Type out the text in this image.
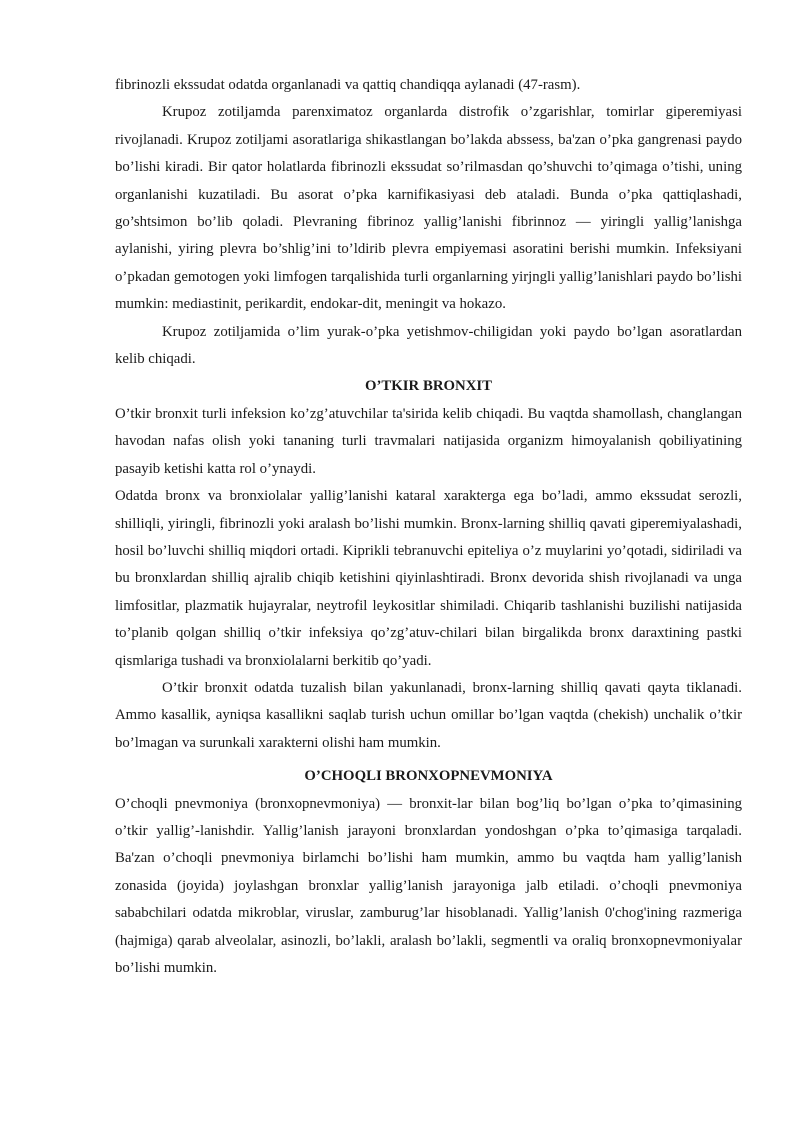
fibrinozli ekssudat odatda organlanadi va qattiq chandiqqa aylanadi (47-rasm).

Krupoz zotiljamda parenximatoz organlarda distrofik o’zgarishlar, tomirlar giperemiyasi rivojlanadi. Krupoz zotiljami asoratlariga shikastlangan bo’lakda abssess, ba'zan o’pka gangrenasi paydo bo’lishi kiradi. Bir qator holatlarda fibrinozli ekssudat so’rilmasdan qo’shuvchi to’qimaga o’tishi, uning organlanishi kuzatiladi. Bu asorat o’pka karnifikasiyasi deb ataladi. Bunda o’pka qattiqlashadi, go’shtsimon bo’lib qoladi. Plevraning fibrinoz yallig’lanishi fibrinnoz — yiringli yallig’lanishga aylanishi, yiring plevra bo’shlig’ini to’ldirib plevra empiyemasi asoratini berishi mumkin. Infeksiyani o’pkadan gemotogen yoki limfogen tarqalishida turli organlarning yirjngli yallig’lanishlari paydo bo’lishi mumkin: mediastinit, perikardit, endokar-dit, meningit va hokazo.

Krupoz zotiljamida o’lim yurak-o’pka yetishmov-chiligidan yoki paydo bo’lgan asoratlardan kelib chiqadi.

O’TKIR BRONXIT

O’tkir bronxit turli infeksion ko’zg’atuvchilar ta'sirida kelib chiqadi. Bu vaqtda shamollash, changlangan havodan nafas olish yoki tananing turli travmalari natijasida organizm himoyalanish qobiliyatining pasayib ketishi katta rol o’ynaydi.

Odatda bronx va bronxiolalar yallig’lanishi kataral xarakterga ega bo’ladi, ammo ekssudat serozli, shilliqli, yiringli, fibrinozli yoki aralash bo’lishi mumkin. Bronx-larning shilliq qavati giperemiyalashadi, hosil bo’luvchi shilliq miqdori ortadi. Kiprikli tebranuvchi epiteliya o’z muylarini yo’qotadi, sidiriladi va bu bronxlardan shilliq ajralib chiqib ketishini qiyinlashtiradi. Bronx devorida shish rivojlanadi va unga limfositlar, plazmatik hujayralar, neytrofil leykositlar shimiladi. Chiqarib tashlanishi buzilishi natijasida to’planib qolgan shilliq o’tkir infeksiya qo’zg’atuv-chilari bilan birgalikda bronx daraxtining pastki qismlariga tushadi va bronxiolalarni berkitib qo’yadi.

O’tkir bronxit odatda tuzalish bilan yakunlanadi, bronx-larning shilliq qavati qayta tiklanadi. Ammo kasallik, ayniqsa kasallikni saqlab turish uchun omillar bo’lgan vaqtda (chekish) unchalik o’tkir bo’lmagan va surunkali xarakterni olishi ham mumkin.

O’CHOQLI BRONXOPNEVMONIYA

O’choqli pnevmoniya (bronxopnevmoniya) — bronxit-lar bilan bog’liq bo’lgan o’pka to’qimasining o’tkir yallig’-lanishdir. Yallig’lanish jarayoni bronxlardan yondoshgan o’pka to’qimasiga tarqaladi. Ba'zan o’choqli pnevmoniya birlamchi bo’lishi ham mumkin, ammo bu vaqtda ham yallig’lanish zonasida (joyida) joylashgan bronxlar yallig’lanish jarayoniga jalb etiladi. o’choqli pnevmoniya sababchilari odatda mikroblar, viruslar, zamburug’lar hisoblanadi. Yallig’lanish 0'chog'ining razmeriga (hajmiga) qarab alveolalar, asinozli, bo’lakli, aralash bo’lakli, segmentli va oraliq bronxopnevmoniyalar bo’lishi mumkin.
